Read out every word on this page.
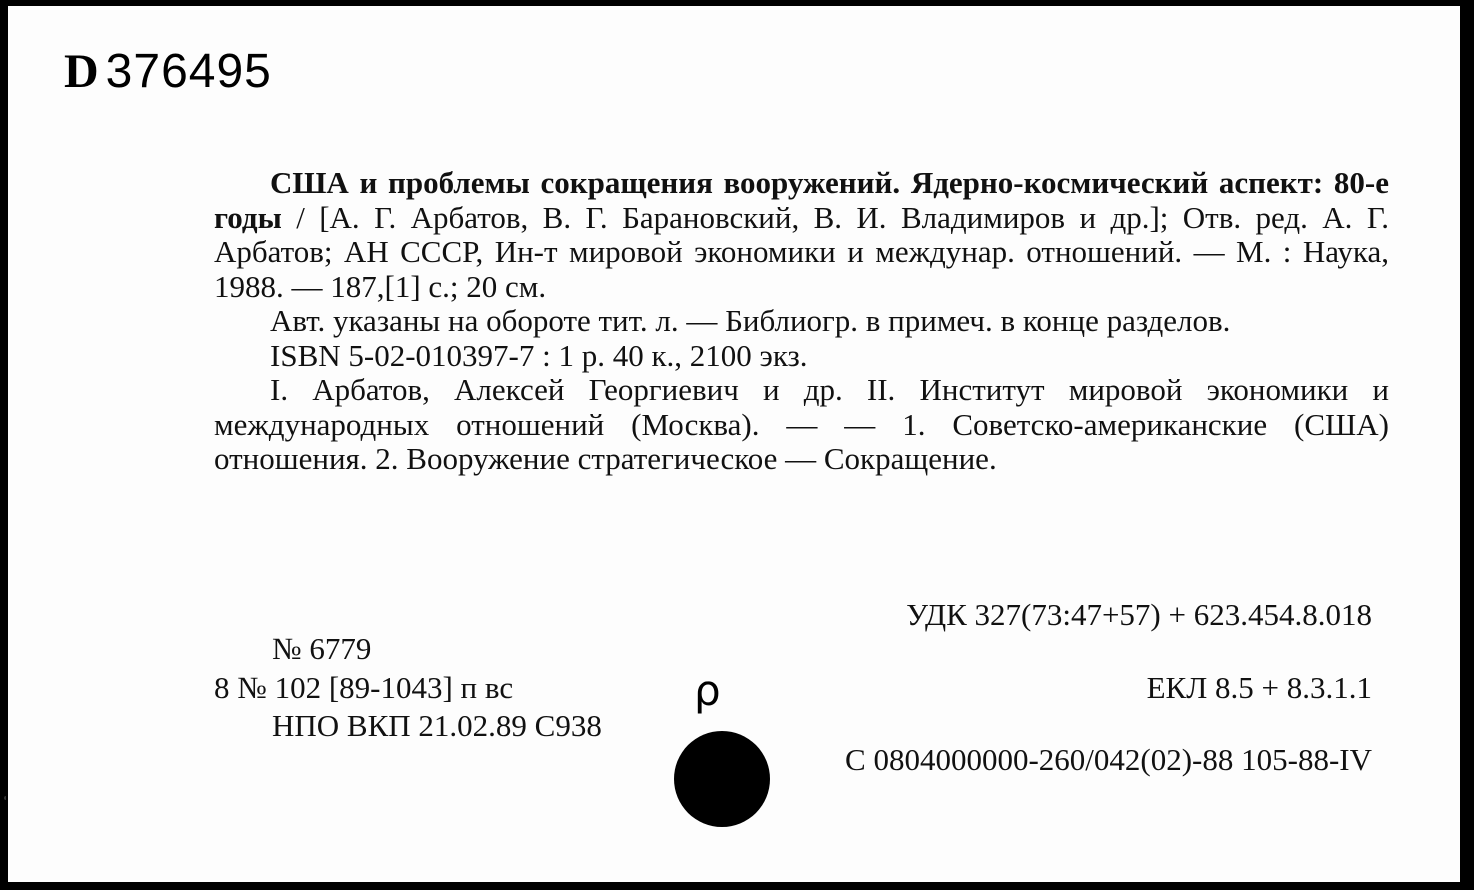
D 376495

США и проблемы сокращения вооружений. Ядерно-космический аспект: 80-е годы / [А. Г. Арбатов, В. Г. Барановский, В. И. Владимиров и др.]; Отв. ред. А. Г. Арбатов; АН СССР, Ин-т мировой экономики и междунар. отношений. — М. : Наука, 1988. — 187,[1] с.; 20 см.

Авт. указаны на обороте тит. л. — Библиогр. в примеч. в конце разделов.

ISBN 5-02-010397-7 : 1 р. 40 к., 2100 экз.

I. Арбатов, Алексей Георгиевич и др. II. Институт мировой экономики и международных отношений (Москва). — — 1. Советско-американские (США) отношения. 2. Вооружение стратегическое — Сокращение.

УДК 327(73:47+57) + 623.454.8.018
№ 6779
8 № 102 [89-1043] п вс	ЕКЛ 8.5 + 8.3.1.1
НПО ВКП 21.02.89 С938
ρ
С 0804000000-260/042(02)-88 105-88-IV
